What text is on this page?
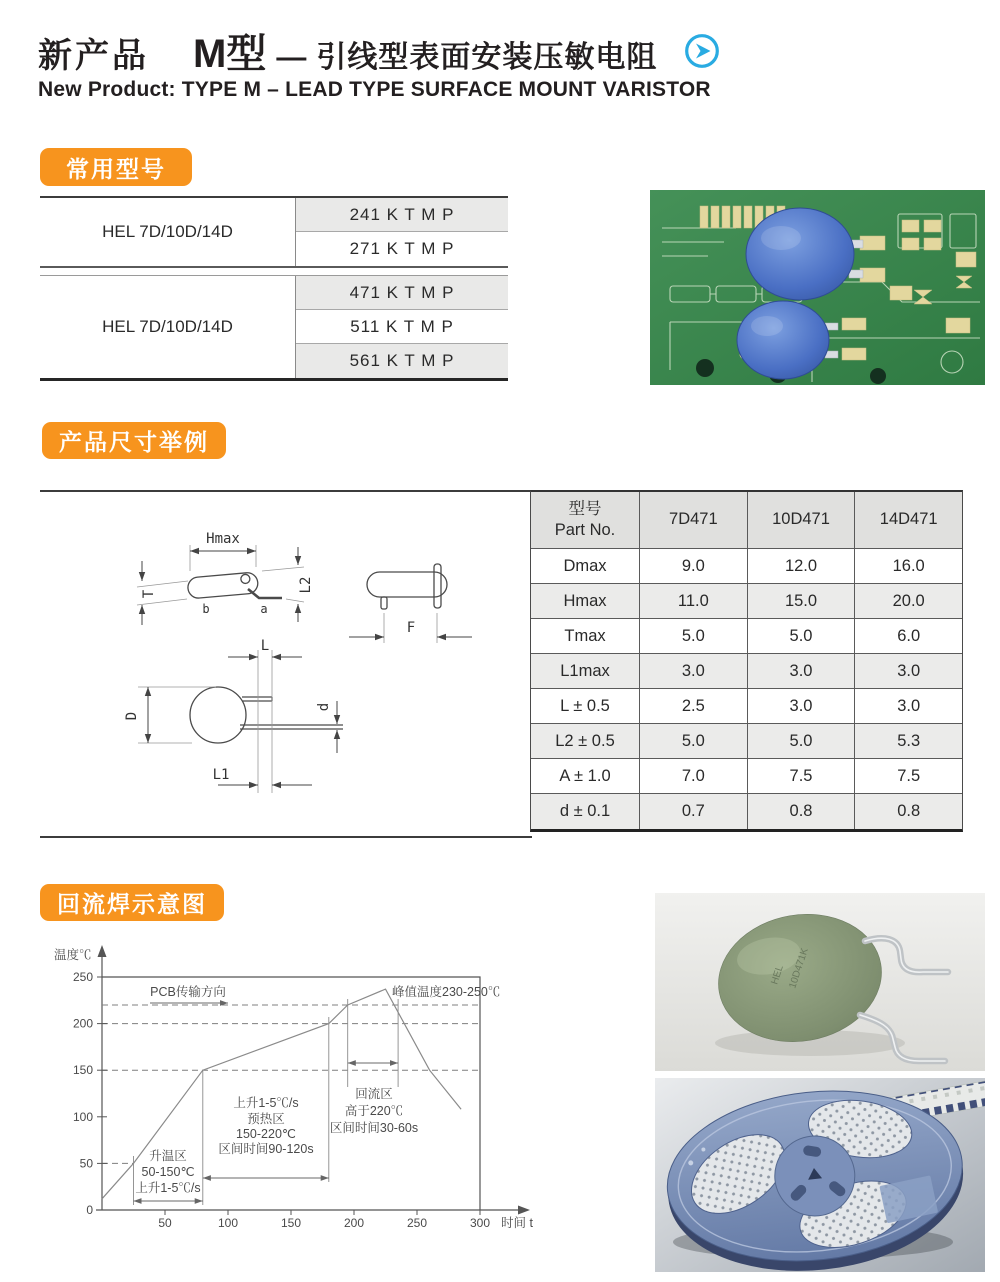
新产品 M型 — 引线型表面安装压敏电阻
New Product: TYPE M – LEAD TYPE SURFACE MOUNT VARISTOR
常用型号
HEL 7D/10D/14D
241 K T M P
271 K T M P
HEL 7D/10D/14D
471 K T M P
511 K T M P
561 K T M P
产品尺寸举例
T
Hmax
b	a
L2
F
L
D
d
L1
型号
Part No.
7D471	10D471	14D471
Dmax	9.0	12.0	16.0
Hmax	11.0	15.0	20.0
Tmax	5.0	5.0	6.0
L1max	3.0	3.0	3.0
L ± 0.5	2.5	3.0	3.0
L2 ± 0.5	5.0	5.0	5.3
A ± 1.0	7.0	7.5	7.5
d ± 0.1	0.7	0.8	0.8
回流焊示意图
温度℃
时间 t
0
50
100
150
200
250
50	100	150	200	250	300
PCB传输方向	峰值温度230-250℃
升温区
50-150℃
上升1-5℃/s
上升1-5℃/s
预热区
150-220℃
区间时间90-120s
回流区
高于220℃
区间时间30-60s
HEL 10D471K
